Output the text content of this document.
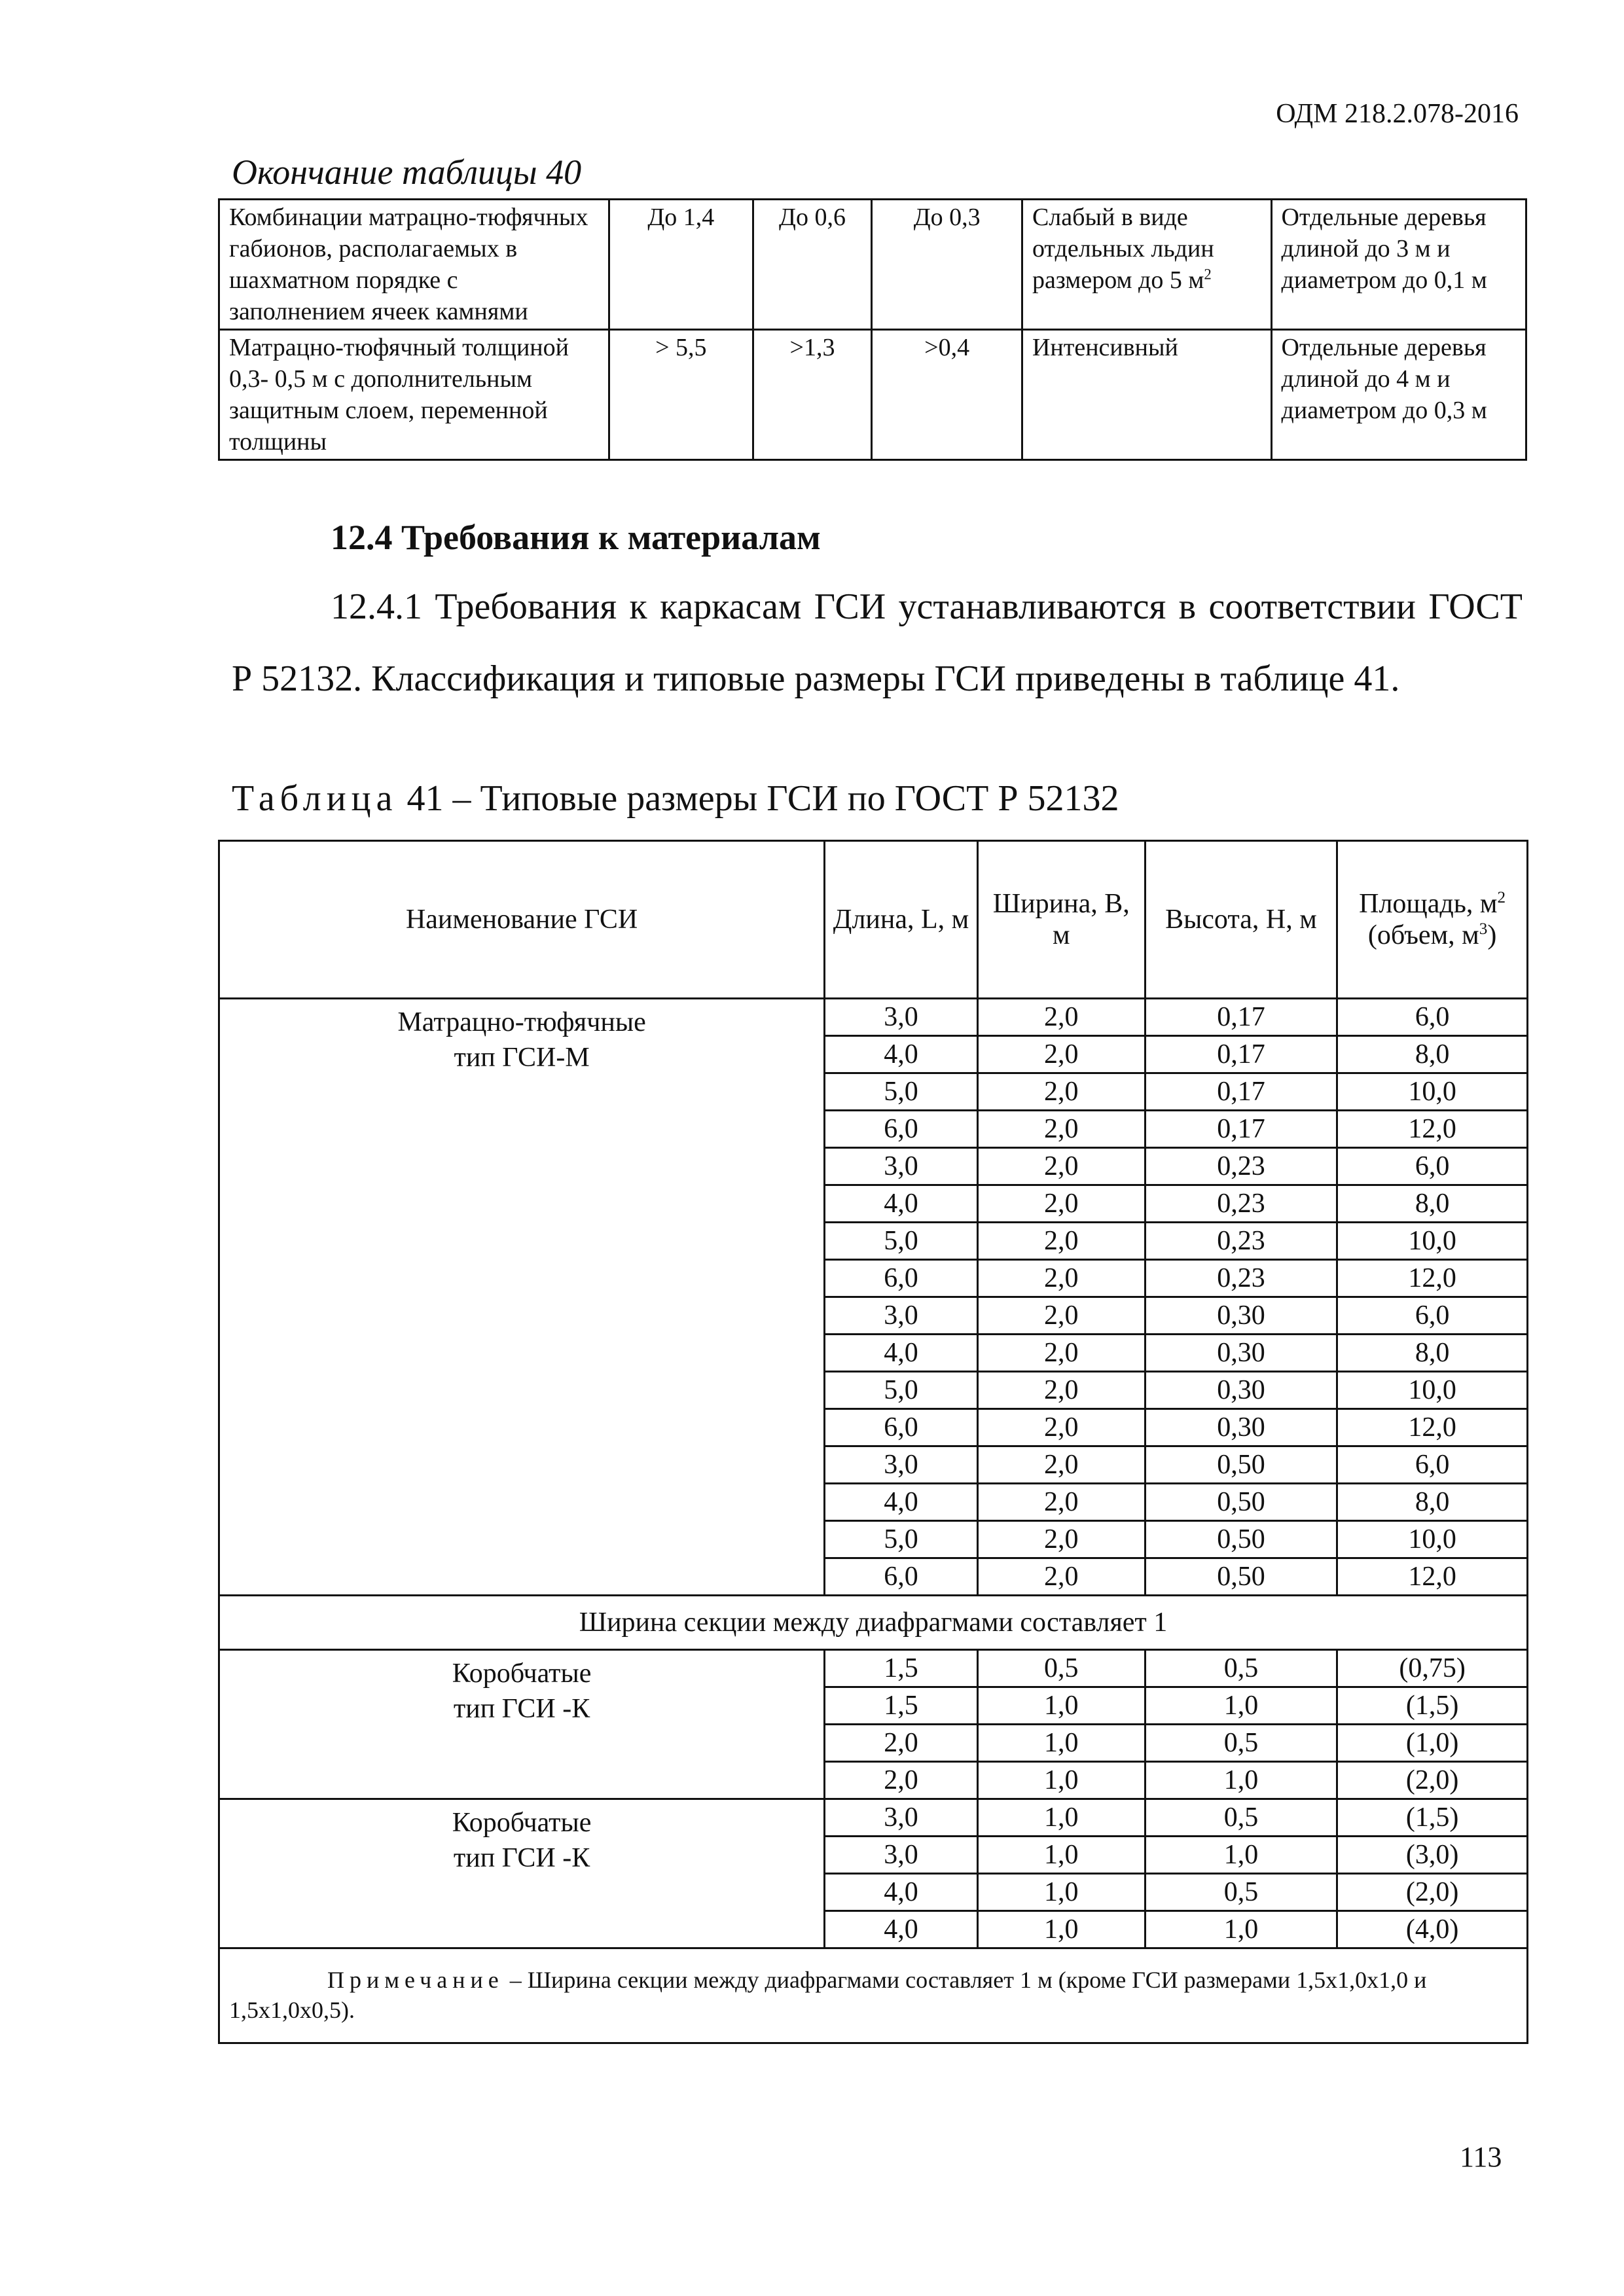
ОДМ 218.2.078-2016
Окончание таблицы 40
Комбинации матрацно-тюфячных габионов, располагаемых в шахматном порядке с заполнением ячеек камнями	До 1,4	До 0,6	До 0,3	Слабый в виде отдельных льдин размером до 5 $м^2$	Отдельные деревья длиной до 3 м и диаметром до 0,1 м
Матрацно-тюфячный толщиной 0,3- 0,5 м с дополнительным защитным слоем, переменной толщины	> 5,5	>1,3	>0,4	Интенсивный	Отдельные деревья длиной до 4 м и диаметром до 0,3 м
12.4 Требования к материалам
12.4.1 Требования к каркасам ГСИ устанавливаются в соответствии ГОСТ Р 52132. Классификация и типовые размеры ГСИ приведены в таблице 41.
Таблица 41 – Типовые размеры ГСИ по ГОСТ Р 52132
Наименование ГСИ	Длина, L, м	Ширина, В, м	Высота, Н, м	Площадь, $м^2$
(объем, $м^3$)

Матрацно-тюфячные
тип ГСИ-М	3,0	2,0	0,17	6,0
	4,0	2,0	0,17	8,0
	5,0	2,0	0,17	10,0
	6,0	2,0	0,17	12,0
	3,0	2,0	0,23	6,0
	4,0	2,0	0,23	8,0
	5,0	2,0	0,23	10,0
	6,0	2,0	0,23	12,0
	3,0	2,0	0,30	6,0
	4,0	2,0	0,30	8,0
	5,0	2,0	0,30	10,0
	6,0	2,0	0,30	12,0
	3,0	2,0	0,50	6,0
	4,0	2,0	0,50	8,0
	5,0	2,0	0,50	10,0
	6,0	2,0	0,50	12,0
Ширина секции между диафрагмами составляет 1				

Коробчатые
тип ГСИ -К	1,5	0,5	0,5	(0,75)
	1,5	1,0	1,0	(1,5)
	2,0	1,0	0,5	(1,0)
	2,0	1,0	1,0	(2,0)

Коробчатые
тип ГСИ -К	3,0	1,0	0,5	(1,5)
	3,0	1,0	1,0	(3,0)
	4,0	1,0	0,5	(2,0)
	4,0	1,0	1,0	(4,0)
Примечание – Ширина секции между диафрагмами составляет 1 м (кроме ГСИ размерами 1,5х1,0х1,0 и 1,5х1,0х0,5).				
113
